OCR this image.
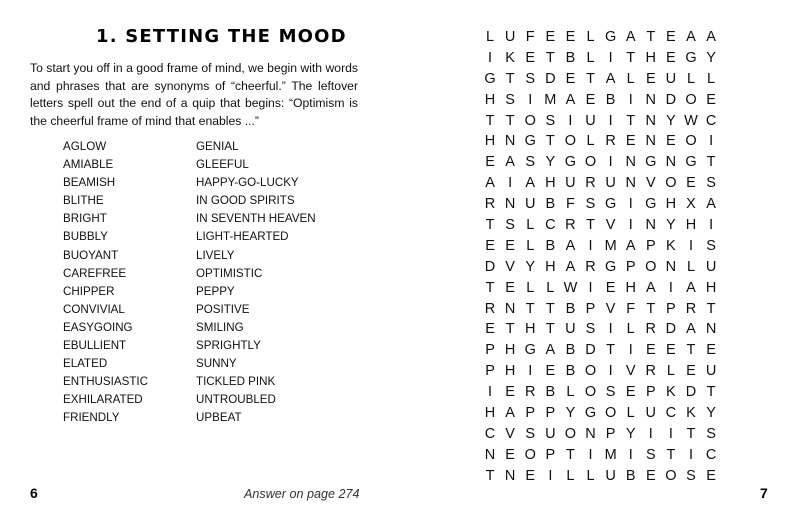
1. SETTING THE MOOD

To start you off in a good frame of mind, we begin with words and phrases that are synonyms of “cheerful.” The leftover letters spell out the end of a quip that begins: “Optimism is the cheerful frame of mind that enables ...”

AGLOW
AMIABLE
BEAMISH
BLITHE
BRIGHT
BUBBLY
BUOYANT
CAREFREE
CHIPPER
CONVIVIAL
EASYGOING
EBULLIENT
ELATED
ENTHUSIASTIC
EXHILARATED
FRIENDLY
GENIAL
GLEEFUL
HAPPY-GO-LUCKY
IN GOOD SPIRITS
IN SEVENTH HEAVEN
LIGHT-HEARTED
LIVELY
OPTIMISTIC
PEPPY
POSITIVE
SMILING
SPRIGHTLY
SUNNY
TICKLED PINK
UNTROUBLED
UPBEAT
Answer on page 274
6
L U F E E L G A T E A A
I K E T B L I T H E G Y
G T S D E T A L E U L L
H S I M A E B I N D O E
T T O S I U I T N Y W C
H N G T O L R E N E O I
E A S Y G O I N G N G T
A I A H U R U N V O E S
R N U B F S G I G H X A
T S L C R T V I N Y H I
E E L B A I M A P K I S
D V Y H A R G P O N L U
T E L L W I E H A I A H
R N T T B P V F T P R T
E T H T U S I L R D A N
P H G A B D T I E E T E
P H I E B O I V R L E U
I E R B L O S E P K D T
H A P P Y G O L U C K Y
C V S U O N P Y I	I T S
N E O P T I M I S T I C
T N E I L L U B E O S E
7
